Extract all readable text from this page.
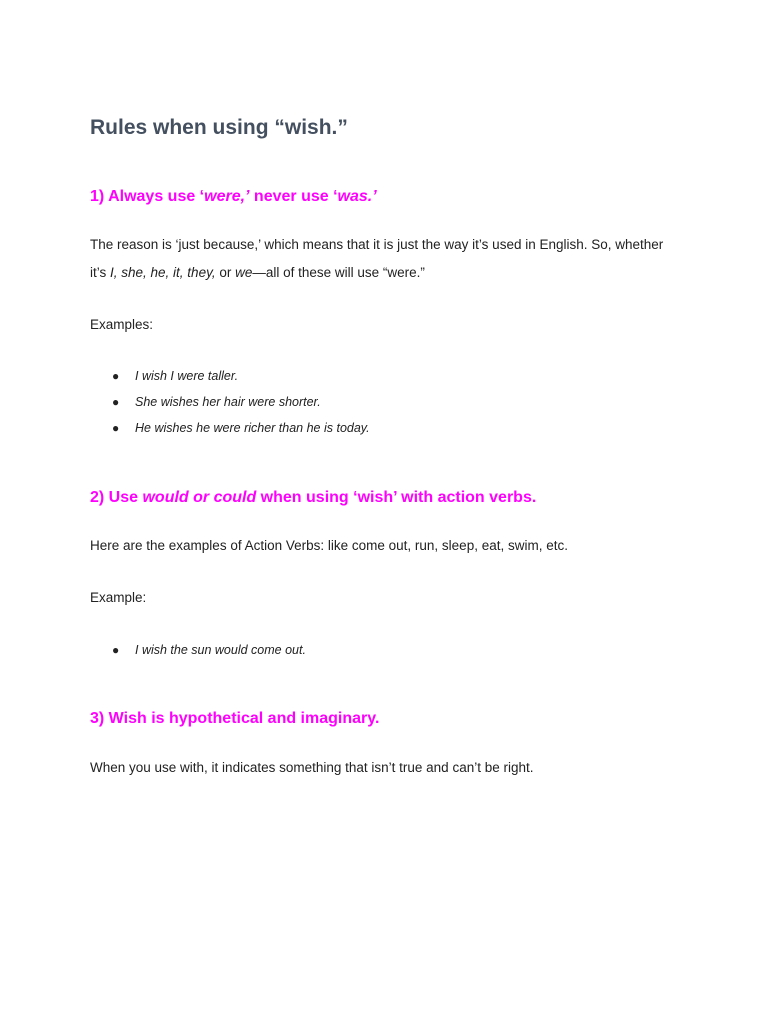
Rules when using “wish.”
1) Always use ‘were,’ never use ‘was.’

The reason is ‘just because,’ which means that it is just the way it’s used in English. So, whether it’s I, she, he, it, they, or we—all of these will use “were.”

Examples:

● I wish I were taller.
● She wishes her hair were shorter.
● He wishes he were richer than he is today.
2) Use would or could when using ‘wish’ with action verbs.

Here are the examples of Action Verbs: like come out, run, sleep, eat, swim, etc.

Example:

● I wish the sun would come out.
3) Wish is hypothetical and imaginary.

When you use with, it indicates something that isn’t true and can’t be right.
